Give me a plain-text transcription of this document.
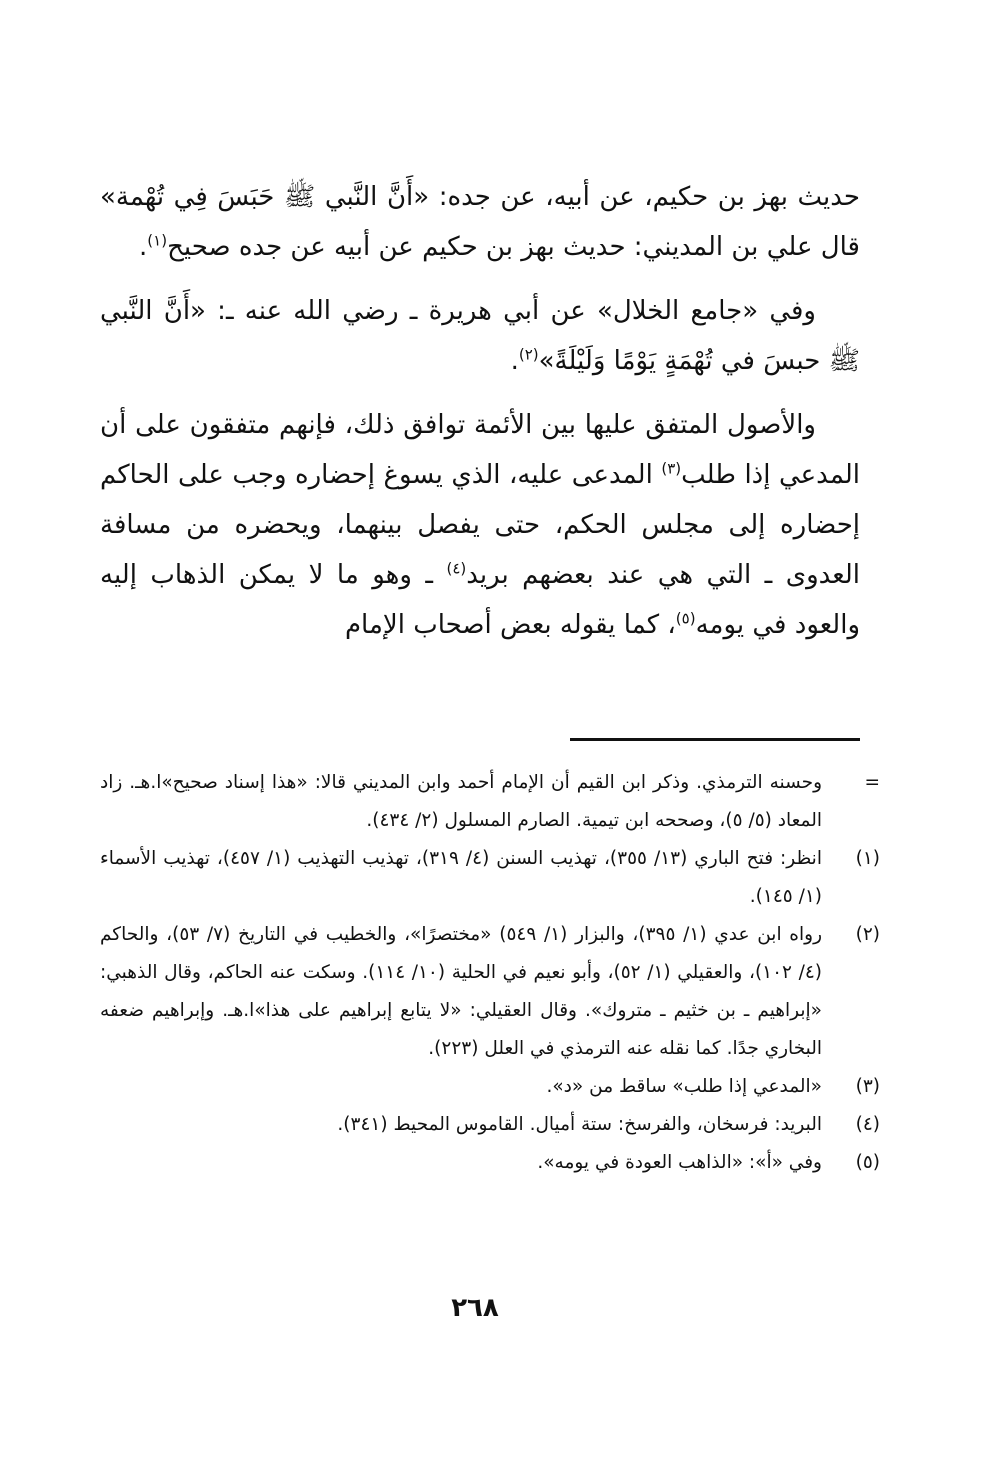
حديث بهز بن حكيم، عن أبيه، عن جده: «أَنَّ النَّبي ﷺ حَبَسَ فِي تُهْمة» قال علي بن المديني: حديث بهز بن حكيم عن أبيه عن جده صحيح$^{(١)}$.

وفي «جامع الخلال» عن أبي هريرة ـ رضي الله عنه ـ: «أَنَّ النَّبي ﷺ حبسَ في تُهْمَةٍ يَوْمًا وَلَيْلَةً»$^{(٢)}$.

والأصول المتفق عليها بين الأئمة توافق ذلك، فإنهم متفقون على أن المدعي إذا طلب$^{(٣)}$ المدعى عليه، الذي يسوغ إحضاره وجب على الحاكم إحضاره إلى مجلس الحكم، حتى يفصل بينهما، ويحضره من مسافة العدوى ـ التي هي عند بعضهم بريد$^{(٤)}$ ـ وهو ما لا يمكن الذهاب إليه والعود في يومه$^{(٥)}$، كما يقوله بعض أصحاب الإمام

=
وحسنه الترمذي. وذكر ابن القيم أن الإمام أحمد وابن المديني قالا: «هذا إسناد صحيح»ا.هـ. زاد المعاد (٥/ ٥)، وصححه ابن تيمية. الصارم المسلول (٢/ ٤٣٤).
(١)
انظر: فتح الباري (١٣/ ٣٥٥)، تهذيب السنن (٤/ ٣١٩)، تهذيب التهذيب (١/ ٤٥٧)، تهذيب الأسماء (١/ ١٤٥).
(٢)
رواه ابن عدي (١/ ٣٩٥)، والبزار (١/ ٥٤٩) «مختصرًا»، والخطيب في التاريخ (٧/ ٥٣)، والحاكم (٤/ ١٠٢)، والعقيلي (١/ ٥٢)، وأبو نعيم في الحلية (١٠/ ١١٤). وسكت عنه الحاكم، وقال الذهبي: «إبراهيم ـ بن خثيم ـ متروك». وقال العقيلي: «لا يتابع إبراهيم على هذا»ا.هـ. وإبراهيم ضعفه البخاري جدًا. كما نقله عنه الترمذي في العلل (٢٢٣).
(٣)
«المدعي إذا طلب» ساقط من «د».
(٤)
البريد: فرسخان، والفرسخ: ستة أميال. القاموس المحيط (٣٤١).
(٥)
وفي «أ»: «الذاهب العودة في يومه».
٢٦٨
